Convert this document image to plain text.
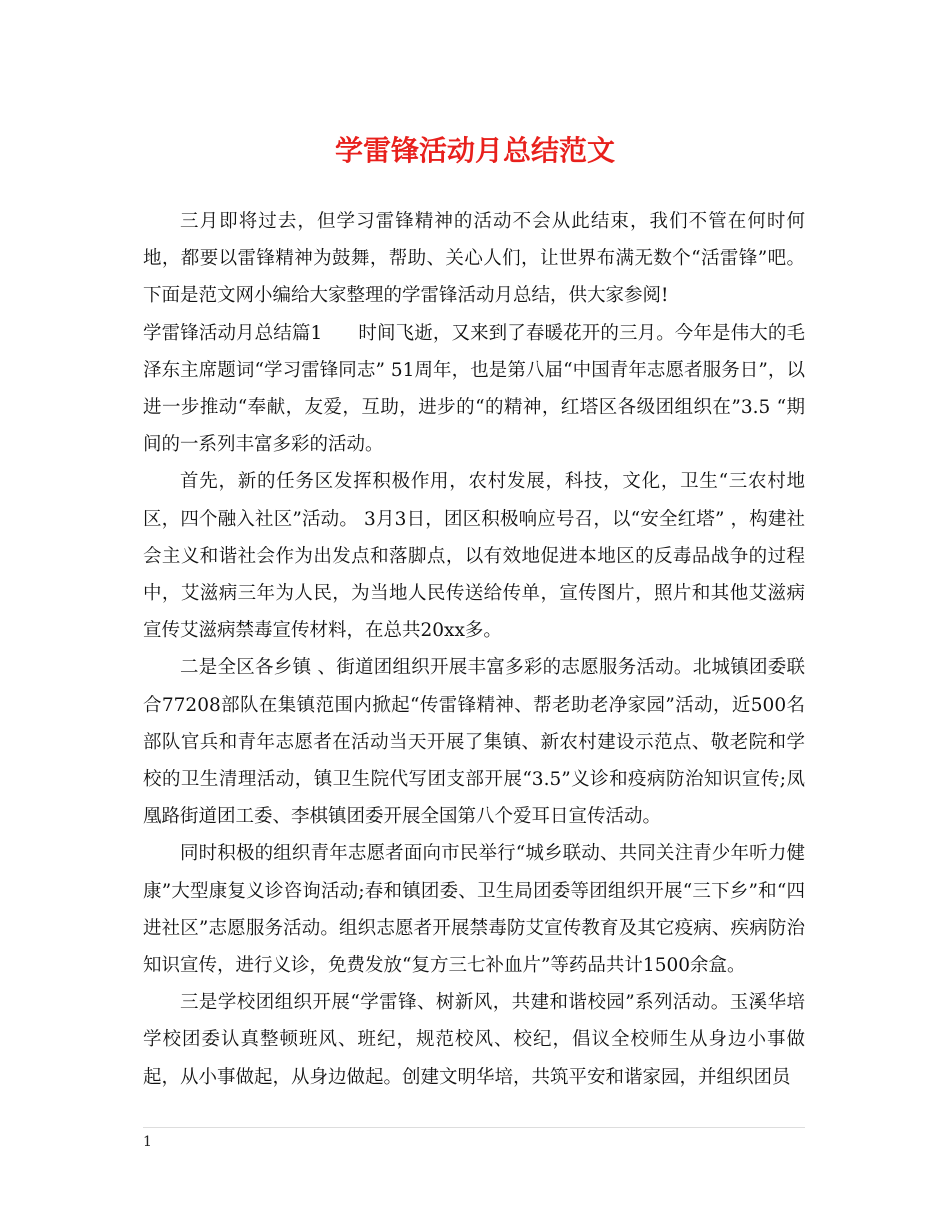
学雷锋活动月总结范文

三月即将过去，但学习雷锋精神的活动不会从此结束，我们不管在何时何地，都要以雷锋精神为鼓舞，帮助、关心人们，让世界布满无数个“活雷锋”吧。下面是范文网小编给大家整理的学雷锋活动月总结，供大家参阅!

学雷锋活动月总结篇1 时间飞逝，又来到了春暖花开的三月。今年是伟大的毛泽东主席题词“学习雷锋同志” 51周年，也是第八届“中国青年志愿者服务日”，以进一步推动“奉献，友爱，互助，进步的“的精神，红塔区各级团组织在”3.5 “期间的一系列丰富多彩的活动。

首先，新的任务区发挥积极作用，农村发展，科技，文化，卫生“三农村地区，四个融入社区”活动。 3月3日，团区积极响应号召，以“安全红塔” ，构建社会主义和谐社会作为出发点和落脚点，以有效地促进本地区的反毒品战争的过程中，艾滋病三年为人民，为当地人民传送给传单，宣传图片，照片和其他艾滋病宣传艾滋病禁毒宣传材料，在总共20xx多。

二是全区各乡镇 、街道团组织开展丰富多彩的志愿服务活动。北城镇团委联合77208部队在集镇范围内掀起“传雷锋精神、帮老助老净家园”活动，近500名部队官兵和青年志愿者在活动当天开展了集镇、新农村建设示范点、敬老院和学校的卫生清理活动，镇卫生院代写团支部开展“3.5”义诊和疫病防治知识宣传;凤凰路街道团工委、李棋镇团委开展全国第八个爱耳日宣传活动。

同时积极的组织青年志愿者面向市民举行“城乡联动、共同关注青少年听力健康”大型康复义诊咨询活动;春和镇团委、卫生局团委等团组织开展“三下乡”和“四进社区”志愿服务活动。组织志愿者开展禁毒防艾宣传教育及其它疫病、疾病防治知识宣传，进行义诊，免费发放“复方三七补血片”等药品共计1500余盒。

三是学校团组织开展“学雷锋、树新风，共建和谐校园”系列活动。玉溪华培学校团委认真整顿班风、班纪，规范校风、校纪，倡议全校师生从身边小事做起，从小事做起，从身边做起。创建文明华培，共筑平安和谐家园，并组织团员

1
